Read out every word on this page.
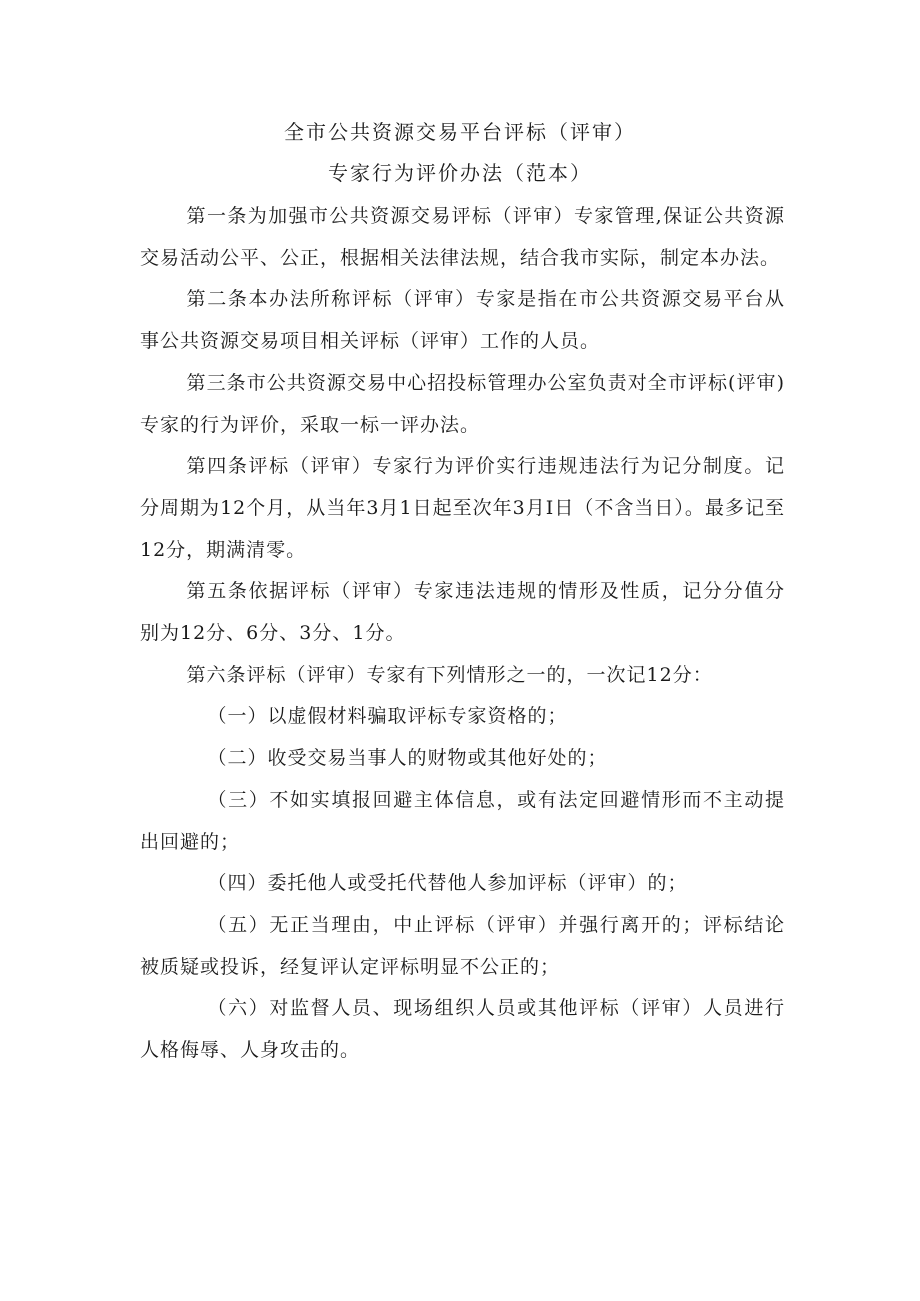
全市公共资源交易平台评标（评审）
专家行为评价办法（范本）

第一条为加强市公共资源交易评标（评审）专家管理,保证公共资源交易活动公平、公正，根据相关法律法规，结合我市实际，制定本办法。

第二条本办法所称评标（评审）专家是指在市公共资源交易平台从事公共资源交易项目相关评标（评审）工作的人员。

第三条市公共资源交易中心招投标管理办公室负责对全市评标(评审)专家的行为评价，采取一标一评办法。

第四条评标（评审）专家行为评价实行违规违法行为记分制度。记分周期为12个月，从当年3月1日起至次年3月I日（不含当日）。最多记至12分，期满清零。

第五条依据评标（评审）专家违法违规的情形及性质，记分分值分别为12分、6分、3分、1分。

第六条评标（评审）专家有下列情形之一的，一次记12分：

（一）以虚假材料骗取评标专家资格的；

（二）收受交易当事人的财物或其他好处的；

（三）不如实填报回避主体信息，或有法定回避情形而不主动提出回避的；

（四）委托他人或受托代替他人参加评标（评审）的；

（五）无正当理由，中止评标（评审）并强行离开的；评标结论被质疑或投诉，经复评认定评标明显不公正的；

（六）对监督人员、现场组织人员或其他评标（评审）人员进行人格侮辱、人身攻击的。
